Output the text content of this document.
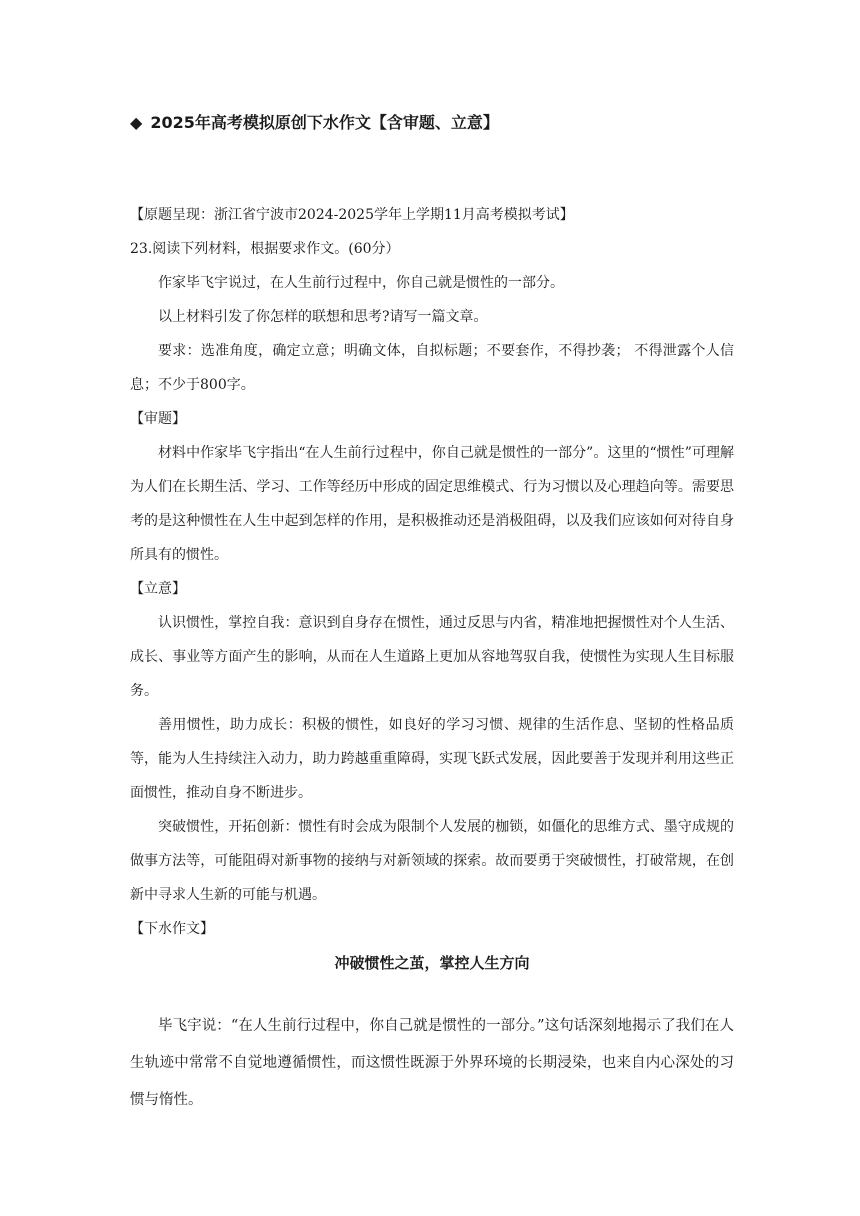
◆ 2025年高考模拟原创下水作文【含审题、立意】

【原题呈现：浙江省宁波市2024-2025学年上学期11月高考模拟考试】

23.阅读下列材料，根据要求作文。(60分）

作家毕飞宇说过，在人生前行过程中，你自己就是惯性的一部分。

以上材料引发了你怎样的联想和思考?请写一篇文章。

要求：选准角度，确定立意；明确文体，自拟标题；不要套作，不得抄袭； 不得泄露个人信息；不少于800字。

【审题】

材料中作家毕飞宇指出“在人生前行过程中，你自己就是惯性的一部分”。这里的“惯性”可理解为人们在长期生活、学习、工作等经历中形成的固定思维模式、行为习惯以及心理趋向等。需要思考的是这种惯性在人生中起到怎样的作用，是积极推动还是消极阻碍，以及我们应该如何对待自身所具有的惯性。

【立意】

认识惯性，掌控自我：意识到自身存在惯性，通过反思与内省，精准地把握惯性对个人生活、成长、事业等方面产生的影响，从而在人生道路上更加从容地驾驭自我，使惯性为实现人生目标服务。

善用惯性，助力成长：积极的惯性，如良好的学习习惯、规律的生活作息、坚韧的性格品质等，能为人生持续注入动力，助力跨越重重障碍，实现飞跃式发展，因此要善于发现并利用这些正面惯性，推动自身不断进步。

突破惯性，开拓创新：惯性有时会成为限制个人发展的枷锁，如僵化的思维方式、墨守成规的做事方法等，可能阻碍对新事物的接纳与对新领域的探索。故而要勇于突破惯性，打破常规，在创新中寻求人生新的可能与机遇。

【下水作文】

冲破惯性之茧，掌控人生方向

毕飞宇说：“在人生前行过程中，你自己就是惯性的一部分。”这句话深刻地揭示了我们在人生轨迹中常常不自觉地遵循惯性，而这惯性既源于外界环境的长期浸染，也来自内心深处的习惯与惰性。
